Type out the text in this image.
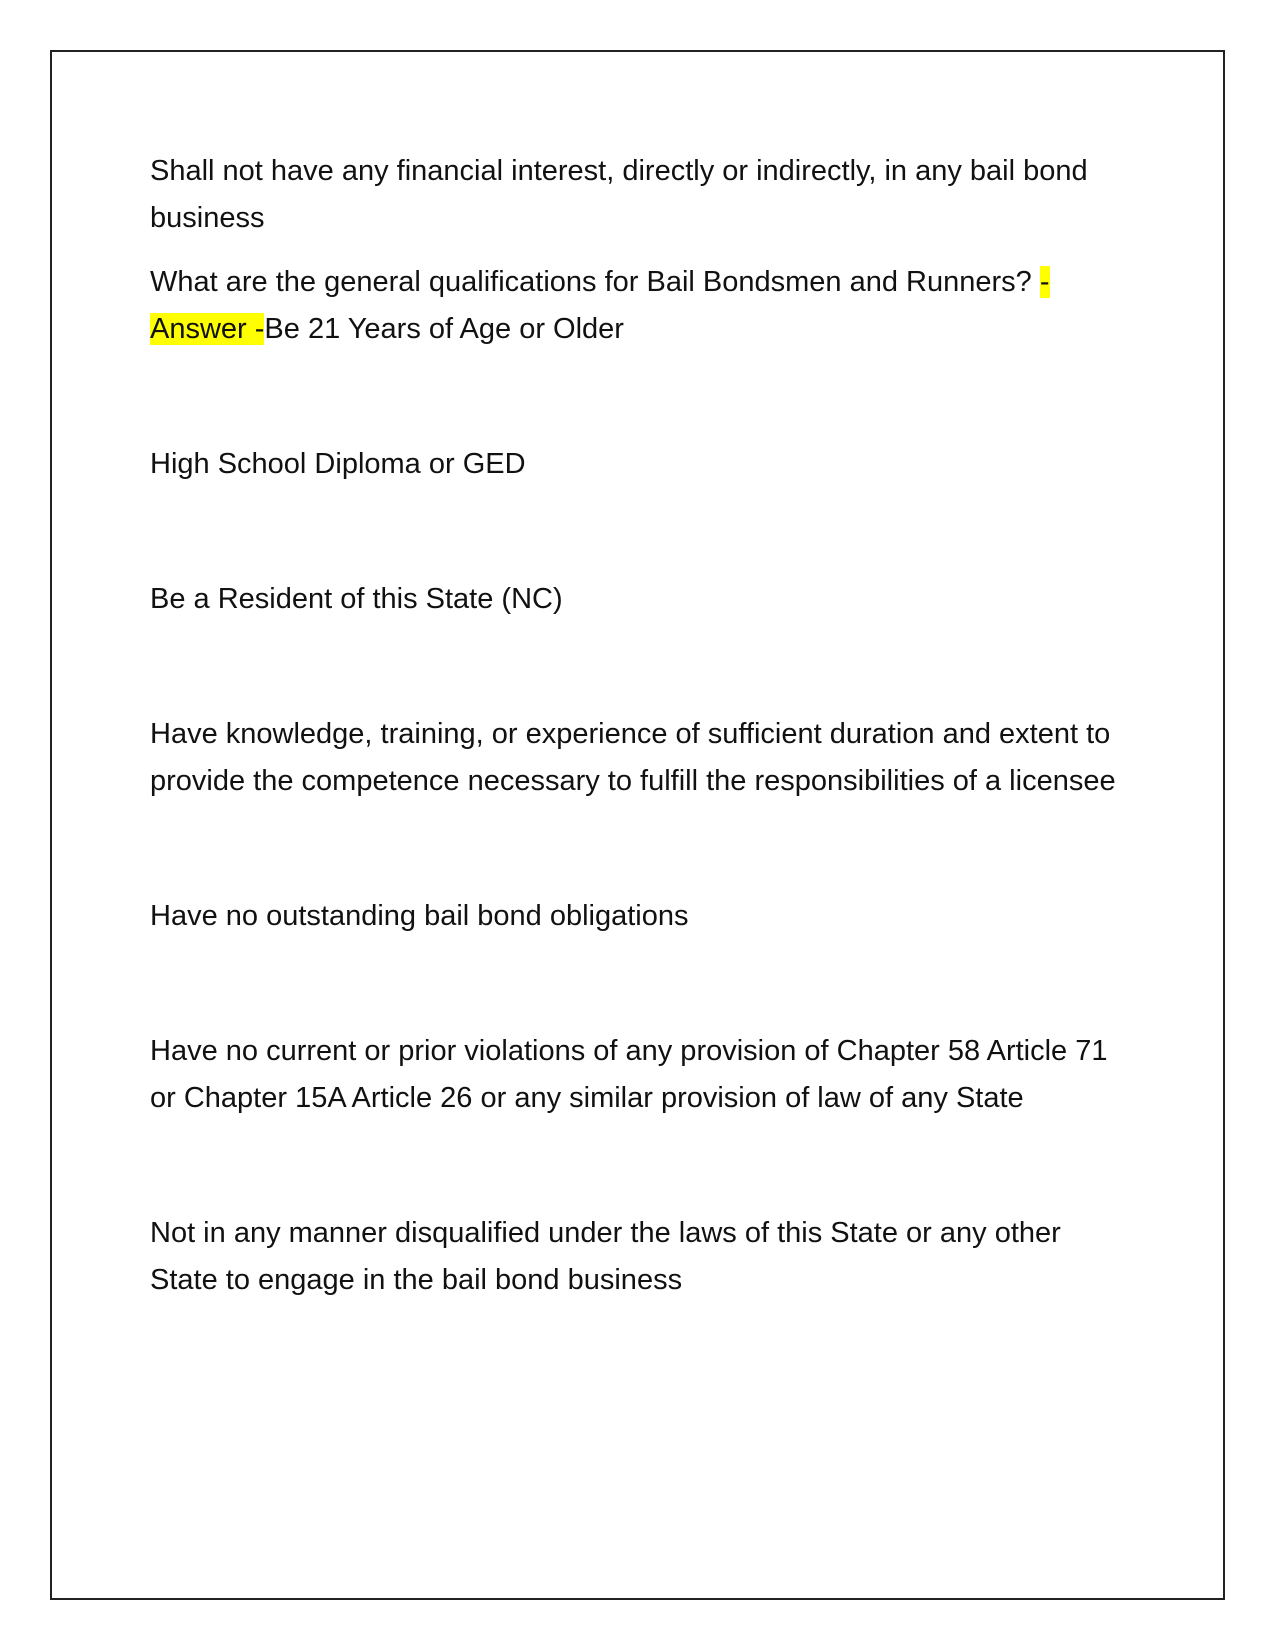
Shall not have any financial interest, directly or indirectly, in any bail bond business

What are the general qualifications for Bail Bondsmen and Runners? - Answer -Be 21 Years of Age or Older

High School Diploma or GED

Be a Resident of this State (NC)

Have knowledge, training, or experience of sufficient duration and extent to provide the competence necessary to fulfill the responsibilities of a licensee

Have no outstanding bail bond obligations

Have no current or prior violations of any provision of Chapter 58 Article 71 or Chapter 15A Article 26 or any similar provision of law of any State

Not in any manner disqualified under the laws of this State or any other State to engage in the bail bond business
